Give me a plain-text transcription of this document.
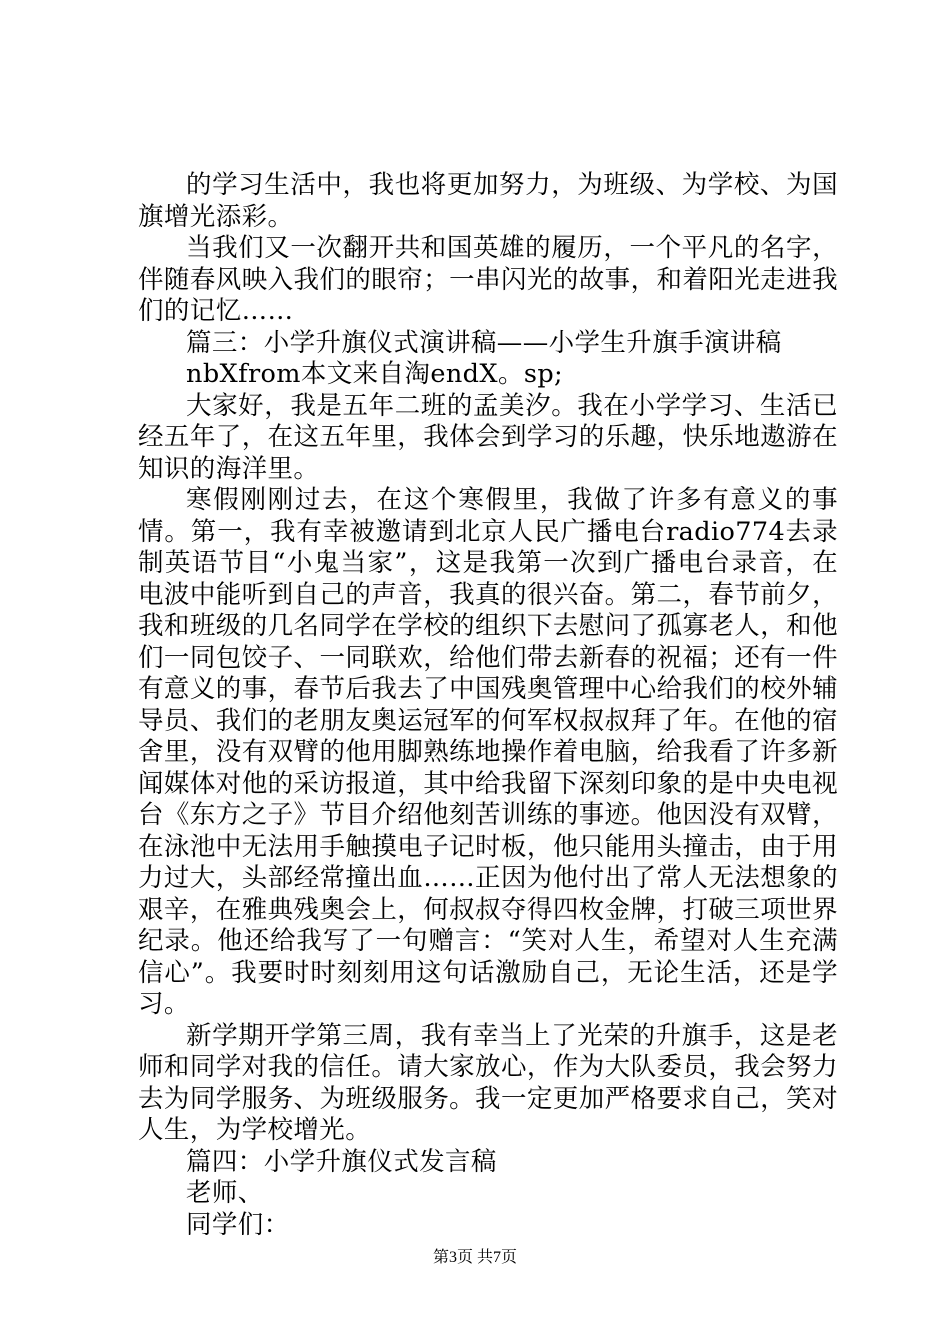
的学习生活中，我也将更加努力，为班级、为学校、为国旗增光添彩。

当我们又一次翻开共和国英雄的履历，一个平凡的名字，伴随春风映入我们的眼帘；一串闪光的故事，和着阳光走进我们的记忆……

篇三：小学升旗仪式演讲稿——小学生升旗手演讲稿

nbXfrom本文来自淘endX。sp;

大家好，我是五年二班的孟美汐。我在小学学习、生活已经五年了，在这五年里，我体会到学习的乐趣，快乐地遨游在知识的海洋里。

寒假刚刚过去，在这个寒假里，我做了许多有意义的事情。第一，我有幸被邀请到北京人民广播电台radio774去录制英语节目“小鬼当家”，这是我第一次到广播电台录音，在电波中能听到自己的声音，我真的很兴奋。第二，春节前夕，我和班级的几名同学在学校的组织下去慰问了孤寡老人，和他们一同包饺子、一同联欢，给他们带去新春的祝福；还有一件有意义的事，春节后我去了中国残奥管理中心给我们的校外辅导员、我们的老朋友奥运冠军的何军权叔叔拜了年。在他的宿舍里，没有双臂的他用脚熟练地操作着电脑，给我看了许多新闻媒体对他的采访报道，其中给我留下深刻印象的是中央电视台《东方之子》节目介绍他刻苦训练的事迹。他因没有双臂，在泳池中无法用手触摸电子记时板，他只能用头撞击，由于用力过大，头部经常撞出血……正因为他付出了常人无法想象的艰辛，在雅典残奥会上，何叔叔夺得四枚金牌，打破三项世界纪录。他还给我写了一句赠言：“笑对人生，希望对人生充满信心”。我要时时刻刻用这句话激励自己，无论生活，还是学习。

新学期开学第三周，我有幸当上了光荣的升旗手，这是老师和同学对我的信任。请大家放心，作为大队委员，我会努力去为同学服务、为班级服务。我一定更加严格要求自己，笑对人生，为学校增光。

篇四：小学升旗仪式发言稿

老师、

同学们：

第3页 共7页
